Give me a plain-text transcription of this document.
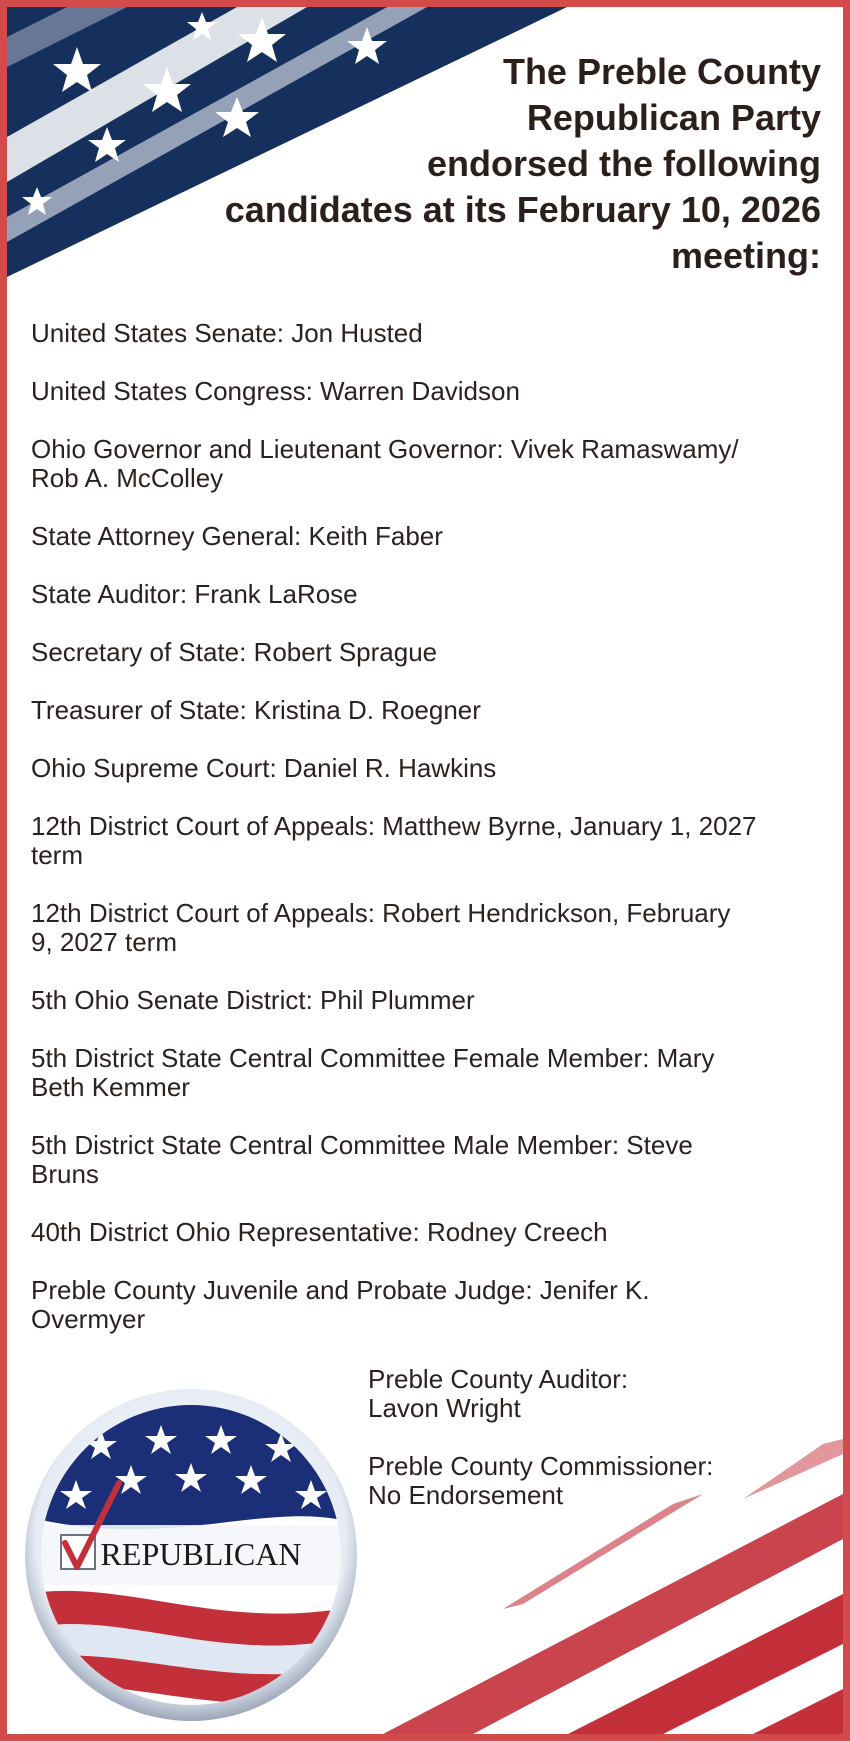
The Preble County
Republican Party
endorsed the following
candidates at its February 10, 2026
meeting:
United States Senate: Jon Husted
United States Congress: Warren Davidson
Ohio Governor and Lieutenant Governor: Vivek Ramaswamy/
Rob A. McColley
State Attorney General: Keith Faber
State Auditor: Frank LaRose
Secretary of State: Robert Sprague
Treasurer of State: Kristina D. Roegner
Ohio Supreme Court: Daniel R. Hawkins
12th District Court of Appeals: Matthew Byrne, January 1, 2027
term
12th District Court of Appeals: Robert Hendrickson, February
9, 2027 term
5th Ohio Senate District: Phil Plummer
5th District State Central Committee Female Member: Mary
Beth Kemmer
5th District State Central Committee Male Member: Steve
Bruns
40th District Ohio Representative: Rodney Creech
Preble County Juvenile and Probate Judge: Jenifer K.
Overmyer
Preble County Auditor:
Lavon Wright
Preble County Commissioner:
No Endorsement
REPUBLICAN
